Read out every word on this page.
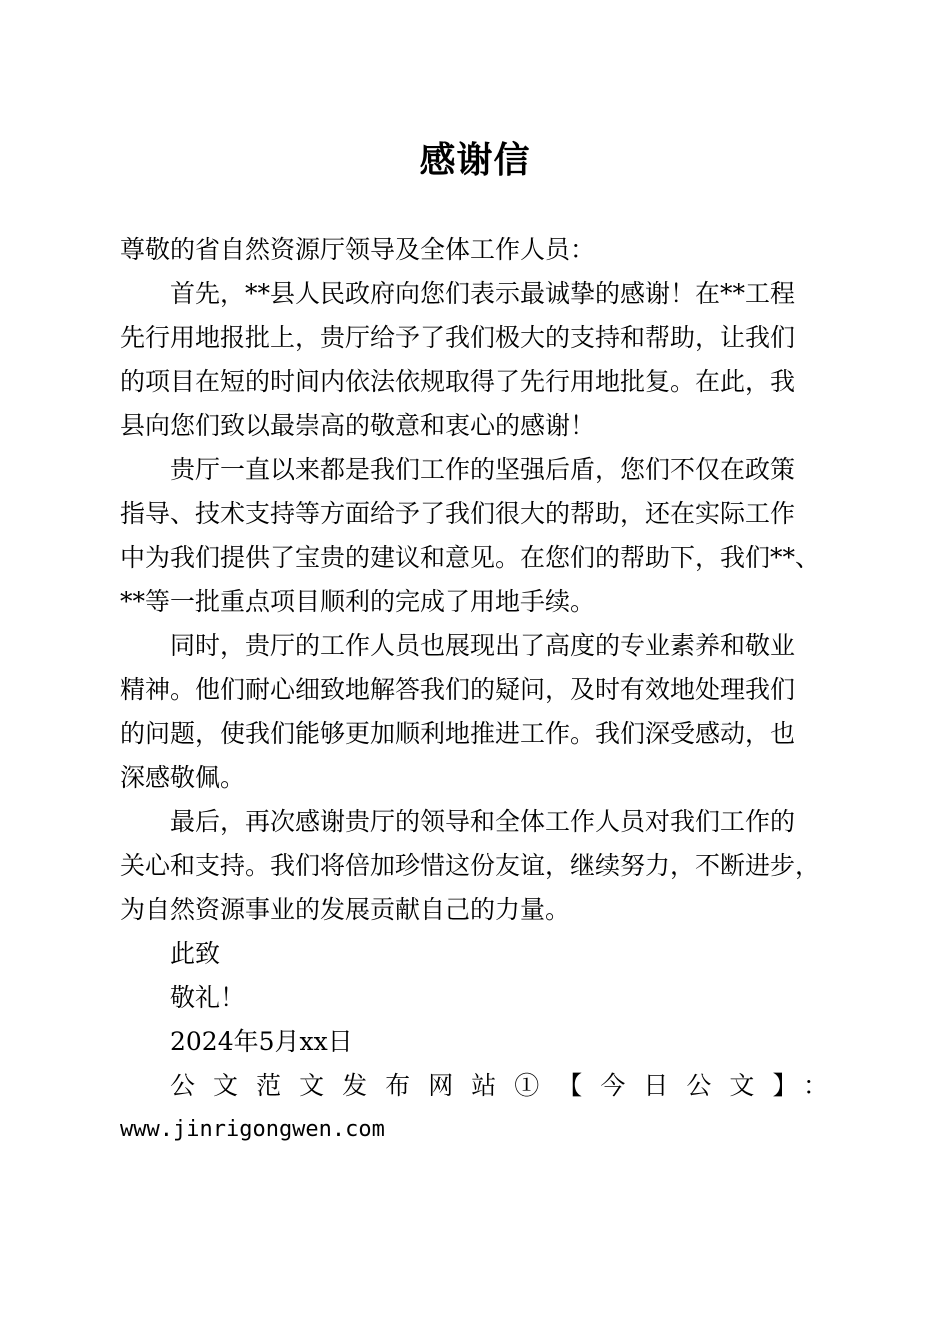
感谢信
尊敬的省自然资源厅领导及全体工作人员：
首先，**县人民政府向您们表示最诚挚的感谢！在**工程
先行用地报批上，贵厅给予了我们极大的支持和帮助，让我们
的项目在短的时间内依法依规取得了先行用地批复。在此，我
县向您们致以最崇高的敬意和衷心的感谢！
贵厅一直以来都是我们工作的坚强后盾，您们不仅在政策
指导、技术支持等方面给予了我们很大的帮助，还在实际工作
中为我们提供了宝贵的建议和意见。在您们的帮助下，我们**、
**等一批重点项目顺利的完成了用地手续。
同时，贵厅的工作人员也展现出了高度的专业素养和敬业
精神。他们耐心细致地解答我们的疑问，及时有效地处理我们
的问题，使我们能够更加顺利地推进工作。我们深受感动，也
深感敬佩。
最后，再次感谢贵厅的领导和全体工作人员对我们工作的
关心和支持。我们将倍加珍惜这份友谊，继续努力，不断进步，
为自然资源事业的发展贡献自己的力量。
此致
敬礼！
2024年5月xx日
公文范文发布网站①【今日公文】：
www.jinrigongwen.com
